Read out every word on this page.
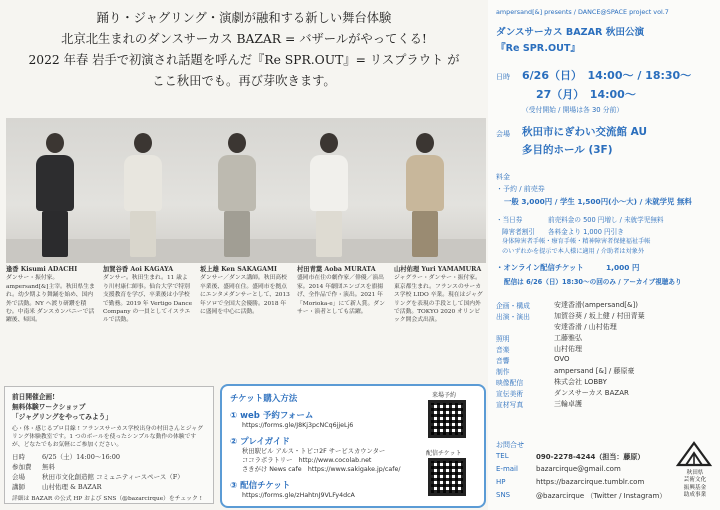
踊り・ジャグリング・演劇が融和する新しい舞台体験
北京北生まれのダンスサーカス BAZAR = バザールがやってくる!
2022 年春 岩手で初演され話題を呼んだ『Re SPR.OUT』= リスプラウト が
ここ秋田でも。再び芽吹きます。
逢香 Kisumi ADACHI
ダンサー・振付家。ampersand[&]主宰。秋田県生まれ。幼少期より舞踊を始め、国内外で活動。NY へ渡り研鑽を積む。中南米 ダンスカンパニーで活躍後、帰国。
加賀谷香 Aoi KAGAYA
ダンサー。秋田生まれ。11 歳より川村康仁師事。仙台大学で特別支援教育を学び、卒業後は小学校で勤務。2019 年 Vertigo Dance Company の一員としてイスラエルで活動。
坂上雄 Ken SAKAGAMI
ダンサー／ダンス講師。秋田高校卒業後、盛岡在住。盛岡市を拠点にエンタメダンサーとして、2013 年ソロで全国大会優勝。2018 年に盛岡を中心に活動。
村田青葉 Aoba MURATA
盛岡市在住の劇作家／俳優／演出家。2014 年劇団エンゴスを旗揚げ、全作品で作・演出。2021 年「Morioka-e」にて新人賞。ダンサー・演者としても活躍。
山村佑理 Yuri YAMAMURA
ジャグラー・ダンサー・振付家。東京都生まれ。フランスのサーカス学校 LIDO 卒業。現在はジャグリングを表現の手段として国内外で活動。TOKYO 2020 オリンピック開会式出演。
前日開催企画!
無料体験ワークショップ
「ジャグリングをやってみよう」
心・体・感じるプロ目線 ! フランスサーカス学校出身の村田さんとジャグリング体験教室です。1 つのボールを使ったシンプルな動作の体験ですが、どなたでもお気軽にご参加ください。
日時	6/25（土）14:00〜16:00
参加費	無料
会場	秋田市文化創造館 コミュニティースペース（F）
講師	山村佑理 & BAZAR
詳細は BAZAR の公式 HP および SNS（@bazarcirque）をチェック !
チケット購入方法
① web 予約フォーム
https://forms.gle/J8Kj3pcNCq6jjeLj6
② プレイガイド
秋田駅ビル アルス・トピコ2F サービスカウンター
ココラボラトリー　http://www.cocolab.net
さきがけ News cafe　https://www.sakigake.jp/cafe/
③ 配信チケット
https://forms.gle/zHahtnJ9VLFy4dcA
来場予約
配信チケット
ampersand[&] presents / DANCE@SPACE project vol.7
ダンスサーカス BAZAR 秋田公演
『Re SPR.OUT』
日時 6/26（日）　14:00〜 / 18:30〜
27（月）　14:00〜
（受付開始 / 開場は各 30 分前）
会場 秋田市にぎわい交流館 AU
多目的ホール (3F)
料金
・予約 / 前売券
一般 3,000円 / 学生 1,500円(小〜大) / 未就学児 無料
・当日券	前売料金の 500 円増し / 未就学児無料
障害者割引 各料金より 1,000 円引き
身体障害者手帳・療育手帳・精神障害者保健福祉手帳
のいずれかを提示で本人様に適用 / 介助者は対象外
・オンライン配信チケット	1,000 円
配信は 6/26（日）18:30〜の回のみ / アーカイブ視聴あり
企画・構成	安達香滑(ampersand[&])
出演・演出	加賀谷葵 / 坂上健 / 村田青葉
安達香滑 / 山村佑理
照明	工藤雅弘
音楽	山村佑理
音響	OVO
制作	ampersand [&] / 藤原豪
映像配信	株式会社 LOBBY
宣伝美術	ダンスサーカス BAZAR
宣材写真	三輪卓護
お問合せ
TEL	090-2278-4244（担当：藤原）
E-mail	bazarcirque@gmail.com
HP	https://bazarcirque.tumblr.com
SNS	@bazarcirque （Twitter / Instagram）
秋田県
芸術文化
振興基金
助成事業
